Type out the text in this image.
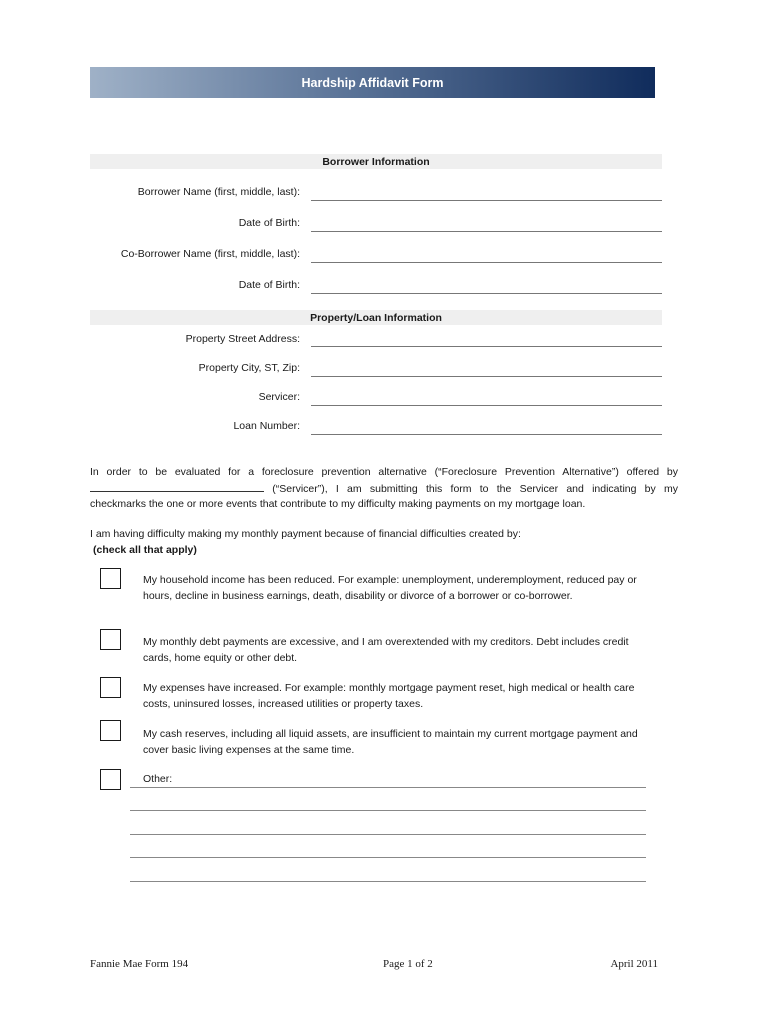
Hardship Affidavit Form
Borrower Information
Borrower Name (first, middle, last):
Date of Birth:
Co-Borrower Name (first, middle, last):
Date of Birth:
Property/Loan Information
Property Street Address:
Property City, ST, Zip:
Servicer:
Loan Number:
In order to be evaluated for a foreclosure prevention alternative (“Foreclosure Prevention Alternative”) offered by
(“Servicer”), I am submitting this form to the Servicer and indicating by my
checkmarks the one or more events that contribute to my difficulty making payments on my mortgage loan.
I am having difficulty making my monthly payment because of financial difficulties created by:
(check all that apply)
My household income has been reduced. For example: unemployment, underemployment, reduced pay or hours, decline in business earnings, death, disability or divorce of a borrower or co-borrower.
My monthly debt payments are excessive, and I am overextended with my creditors. Debt includes credit cards, home equity or other debt.
My expenses have increased. For example: monthly mortgage payment reset, high medical or health care costs, uninsured losses, increased utilities or property taxes.
My cash reserves, including all liquid assets, are insufficient to maintain my current mortgage payment and cover basic living expenses at the same time.
Other:
Fannie Mae Form 194	Page 1 of 2	April 2011
